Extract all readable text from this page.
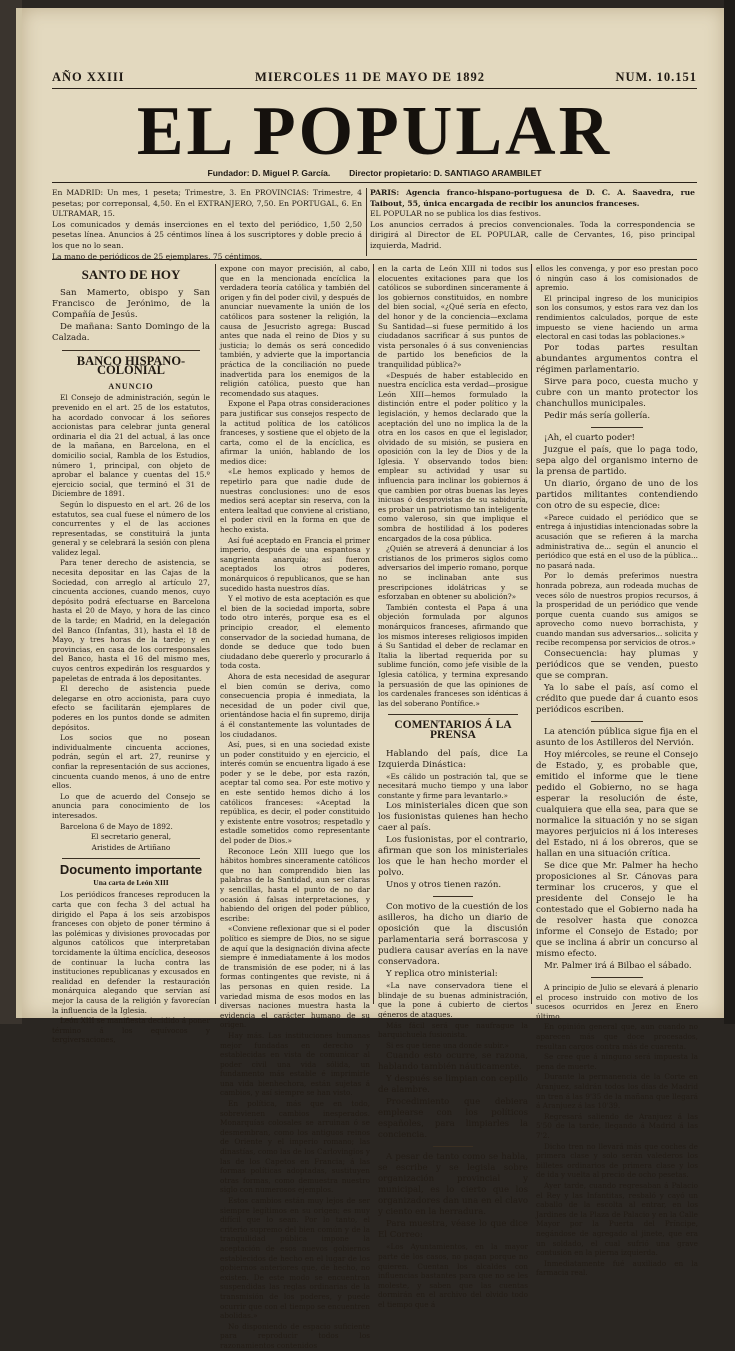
AÑO XXIII	MIERCOLES 11 DE MAYO DE 1892	NUM. 10.151
EL POPULAR
Fundador: D. Miguel P. García. Director propietario: D. SANTIAGO ARAMBILET

En MADRID: Un mes, 1 peseta; Trimestre, 3. En PROVINCIAS: Trimestre, 4 pesetas; por correponsal, 4,50. En el EXTRANJERO, 7,50. En PORTUGAL, 6. En ULTRAMAR, 15.

Los comunicados y demás inserciones en el texto del periódico, 1,50 2,50 pesetas línea. Anuncios á 25 céntimos línea á los suscriptores y doble precio á los que no lo sean.

La mano de periódicos de 25 ejemplares, 75 céntimos.

PARIS: Agencia franco-hispano-portuguesa de D. C. A. Saavedra, rue Taibout, 55, única encargada de recibir los anuncios franceses.

EL POPULAR no se publica los dias festivos.

Los anuncios cerrados á precios convencionales. Toda la correspondencia se dirigirá al Director de EL POPULAR, calle de Cervantes, 16, piso principal izquierda, Madrid.

SANTO DE HOY

San Mamerto, obispo y San Francisco de Jerónimo, de la Compañía de Jesús.

De mañana: Santo Domingo de la Calzada.

BANCO HISPANO-COLONIAL
ANUNCIO

El Consejo de administración, según le prevenido en el art. 25 de los estatutos, ha acordado convocar á los señores accionistas para celebrar junta general ordinaria el dia 21 del actual, á las once de la mañana, en Barcelona, en el domicilio social, Rambla de los Estudios, número 1, principal, con objeto de aprobar el balance y cuentas del 15.º ejercicio social, que terminó el 31 de Diciembre de 1891.

Según lo dispuesto en el art. 26 de los estatutos, sea cual fuese el número de los concurrentes y el de las acciones representadas, se constituirá la junta general y se celebrará la sesión con plena validez legal.

Para tener derecho de asistencia, se necesita depositar en las Cajas de la Sociedad, con arreglo al artículo 27, cincuenta acciones, cuando menos, cuyo depósito podrá efectuarse en Barcelona hasta el 20 de Mayo, y hora de las cinco de la tarde; en Madrid, en la delegación del Banco (Infantas, 31), hasta el 18 de Mayo, y tres horas de la tarde; y en provincias, en casa de los corresponsales del Banco, hasta el 16 del mismo mes, cuyos centros expedirán los resguardos y papeletas de entrada á los depositantes.

El derecho de asistencia puede delegarse en otro accionista, para cuyo efecto se facilitarán ejemplares de poderes en los puntos donde se admiten depósitos.

Los socios que no posean individualmente cincuenta acciones, podrán, según el art. 27, reunirse y confiar la representación de sus acciones, cincuenta cuando menos, á uno de entre ellos.

Lo que de acuerdo del Consejo se anuncia para conocimiento de los interesados.

Barcelona 6 de Mayo de 1892.

El secretario general,

Aristides de Artiñano

Documento importante
Una carta de León XIII

Los periódicos franceses reproducen la carta que con fecha 3 del actual ha dirigido el Papa á los seis arzobispos franceses con objeto de poner término á las polémicas y divisiones provocadas por algunos católicos que interpretaban torcidamente la última encíclica, deseosos de continuar la lucha contra las instituciones republicanas y excusados en realidad en defender la restauración monárquica alegando que servían así mejor la causa de la religión y favorecían la influencia de la Iglesia.

León XIII se manifiesta decidido á poner término á los equívocos y tergiversaciones,

expone con mayor precisión, al cabo, que en la mencionada encíclica la verdadera teoría católica y también del origen y fin del poder civil, y después de anunciar nuevamente la unión de los católicos para sostener la religión, la causa de Jesucristo agrega: Buscad antes que nada el reino de Dios y su justicia; lo demás os será concedido también, y advierte que la importancia práctica de la conciliación no puede inadvertida para los enemigos de la religión católica, puesto que han recomendado sus ataques.

Expone el Papa otras consideraciones para justificar sus consejos respecto de la actitud política de los católicos franceses, y sostiene que el objeto de la carta, como el de la encíclica, es afirmar la unión, hablando de los medios dice:

«Le hemos explicado y hemos de repetirlo para que nadie dude de nuestras conclusiones: uno de esos medios será aceptar sin reserva, con la entera lealtad que conviene al cristiano, el poder civil en la forma en que de hecho exista.

Así fué aceptado en Francia el primer imperio, después de una espantosa y sangrienta anarquía; así fueron aceptados los otros poderes, monárquicos ó republicanos, que se han sucedido hasta nuestros días.

Y el motivo de esta aceptación es que el bien de la sociedad importa, sobre todo otro interés, porque esa es el principio creador, el elemento conservador de la sociedad humana, de donde se deduce que todo buen ciudadano debe quererlo y procurarlo á toda costa.

Ahora de esta necesidad de asegurar el bien común se deriva, como consecuencia propia é inmediata, la necesidad de un poder civil que, orientándose hacia el fin supremo, dirija á él constantemente las voluntades de los ciudadanos.

Así, pues, si en una sociedad existe un poder constituido y en ejercicio, el interés común se encuentra ligado á ese poder y se le debe, por esta razón, aceptar tal como sea. Por este motivo y en este sentido hemos dicho á los católicos franceses: «Aceptad la república, es decir, el poder constituido y existente entre vosotros; respetadlo y estadle sometidos como representante del poder de Dios.»

Reconoce León XIII luego que los hábitos hombres sinceramente católicos que no han comprendido bien las palabras de la Santidad, aun ser claras y sencillas, hasta el punto de no dar ocasión á falsas interpretaciones, y habiendo del origen del poder público, escribe:

«Conviene reflexionar que si el poder político es siempre de Dios, no se sigue de aquí que la designación divina afecte siempre é inmediatamente á los modos de transmisión de ese poder, ni á las formas contingentes que reviste, ni á las personas en quien reside. La variedad misma de esos modos en las diversas naciones muestra hasta la evidencia el carácter humano de su origen.

Hay más. Las instituciones humanas mejor fundadas en derecho y establecidas en vista de comunicar al poder civil una vida sólida, un fundamento más estable é imprimirle una vida bienhechora, están sujetas á cambios, y así siempre se han visto.

En política, más que en todo, sobrevienen cambios inesperados. Monarquías colosales se arruinan ó se desmembran, como los antiguos reinos de Oriente y el imperio romano; las dinastías, como las de los Carlovingios y las de los Capetos en Francia; á las formas políticas adoptadas, sustituyen otras formas, como demuestra nuestro siglo con numerosos ejemplos.

Estos cambios están muy lejos de ser siempre legítimos en su origen; es muy difícil que lo sean. Por lo tanto, el criterio supremo del bien común y de la tranquilidad pública impone la aceptación de esos nuevos gobiernos establecidos de hecho en el lugar de los gobiernos anteriores que, de hecho, no existen. De este modo se encuentran suspendidas las reglas ordinarias de la transmisión de los poderes, y puede ocurrir que con el tiempo se encuentren abolidas.»

No disponiendo de espacio suficiente para reproducir todos los razonamientos contenidos

en la carta de León XIII ni todos sus elocuentes exitaciones para que los católicos se subordinen sinceramente á los gobiernos constituidos, en nombre del bien social, «¿Qué sería en efecto, del honor y de la conciencia—exclama Su Santidad—si fuese permitido á los ciudadanos sacrificar á sus puntos de vista personales ó á sus conveniencias de partido los beneficios de la tranquilidad pública?»

«Después de haber establecido en nuestra encíclica esta verdad—prosigue León XIII—hemos formulado la distinción entre el poder político y la legislación, y hemos declarado que la aceptación del uno no implica la de la otra en los casos en que el legislador, olvidado de su misión, se pusiera en oposición con la ley de Dios y de la Iglesia. Y observando todos bien: emplear su actividad y usar su influencia para inclinar los gobiernos á que cambien por otras buenas las leyes inicuas ó desprovistas de su sabiduría, es probar un patriotismo tan inteligente como valeroso, sin que implique el sombra de hostilidad á los poderes encargados de la cosa pública.

¿Quién se atreverá á denunciar á los cristianos de los primeros siglos como adversarios del imperio romano, porque no se inclinaban ante sus prescripciones idolátricas y se esforzaban en obtener su abolición?»

También contesta el Papa á una objeción formulada por algunos monárquicos franceses, afirmando que los mismos intereses religiosos impiden á Su Santidad el deber de reclamar en Italia la libertad requerida por su sublime función, como jefe visible de la Iglesia católica, y termina expresando la persuasión de que las opiniones de los cardenales franceses son idénticas á las del soberano Pontífice.»

COMENTARIOS Á LA PRENSA

Hablando del país, dice La Izquierda Dinástica:

«Es cálido un postración tal, que se necesitará mucho tiempo y una labor constante y firme para levantarlo.»

Los ministeriales dicen que son los fusionistas quienes han hecho caer al país.

Los fusionistas, por el contrario, afirman que son los ministeriales los que le han hecho morder el polvo.

Unos y otros tienen razón.

Con motivo de la cuestión de los asilleros, ha dicho un diario de oposición que la discusión parlamentaria será borrascosa y pudiera causar averías en la nave conservadora.

Y replica otro ministerial:

«La nave conservadora tiene el blindaje de su buenas administración, que la pone á cubierto de ciertos géneros de ataques.

Más fácil será que naufrague la barquichuela fusionista.

Si es que tiene una donde subir.»

Cuando esto ocurre, se razona, hablando también náuticamente.

Y después se limpian con cepillo de alambre.

Procedimiento que debiera emplearse con los políticos españoles, para limpiarles la conciencia.

A pesar de tanto como se habla, se escribe y se legisla sobre organización provincial y municipal, es lo cierto que los organizadores dan una en el clavo y ciento en la herradura.

Para muestra, véase lo que dice El Correo:

«Los Ayuntamientos, en la mayor parte de los casos, no pagan porque no quieren. Cuentan los alcaldes con influencias bastantes para que no se les moleste, y saben que las cuentas dormirán en el archivo del olvido todo el tiempo que á

ellos les convenga, y por eso prestan poco ó ningún caso á los comisionados de apremio.

El principal ingreso de los municipios son los consumos, y estos rara vez dan los rendimientos calculados, porque de este impuesto se viene haciendo un arma electoral en casi todas las poblaciones.»

Por todas partes resultan abundantes argumentos contra el régimen parlamentario.

Sirve para poco, cuesta mucho y cubre con un manto protector los chanchullos municipales.

Pedir más sería gollería.

¡Ah, el cuarto poder!

Juzgue el país, que lo paga todo, sepa algo del organismo interno de la prensa de partido.

Un diario, órgano de uno de los partidos militantes contendiendo con otro de su especie, dice:

«Parece cuidado el periódico que se entrega á injustidias intencionadas sobre la acusación que se refieren á la marcha administrativa de... según el anuncio el periódico que está en el uso de la pública... no pasará nada.

Por lo demás preferimos nuestra honrada pobreza, aun rodeada muchas de veces sólo de nuestros propios recursos, á la prosperidad de un periódico que vende porque cuenta cuando sus amigos se aprovecho como nuevo borrachista, y cuando mandan sus adversarios... solicita y recibe recompensa por servicios de otros.»

Consecuencia: hay plumas y periódicos que se venden, puesto que se compran.

Ya lo sabe el país, así como el crédito que puede dar á cuanto esos periódicos escriben.

La atención pública sigue fija en el asunto de los Astilleros del Nervión.

Hoy miércoles, se reune el Consejo de Estado, y, es probable que, emitido el informe que le tiene pedido el Gobierno, no se haga esperar la resolución de éste, cualquiera que ella sea, para que se normalice la situación y no se sigan mayores perjuicios ni á los intereses del Estado, ni á los obreros, que se hallan en una situación crítica.

Se dice que Mr. Palmer ha hecho proposiciones al Sr. Cánovas para terminar los cruceros, y que el presidente del Consejo le ha contestado que el Gobierno nada ha de resolver hasta que conozca informe el Consejo de Estado; por que se inclina á abrir un concurso al mismo efecto.

Mr. Palmer irá á Bilbao el sábado.

A principio de Julio se elevará á plenario el proceso instruido con motivo de los sucesos ocurridos en Jerez en Enero último.

En opinión general que, aun cuando no aparecen más que doce procesados, resultan cargos contra más de cuarenta.

Se cree que á ninguno será impuesta la pena de muerte.

Durante la permanencia de la Corte en Aranjuez, saldrán todos los días de Madrid un tren á las 9'35 de la mañana que llegará á Aranjuez á las 10'39.

Regresará saliendo de Aranjuez á las 5'50 de la tarde, llegando á Madrid á las 7'2.

Dicho tren no llevará más que coches de primera clase y solo serán valederos los billetes ordinarios de primera clase y los de ida y vuelta al precio de ocho pesetas.

Ayer tarde, cuando regresaban á Palacio el Rey y las Infantitas, resbaló y cayó un caballo de la escolta al entrar, en los Jardines de la Plaza de Palacio y en la Calle Mayor por la Puerta del Príncipe, negándose de agregado al jinete, que era un soldado, el cual sufrió una grave contusión en la pierna izquierda.

Inmediatamente fué auxiliado en la farmacia real.
